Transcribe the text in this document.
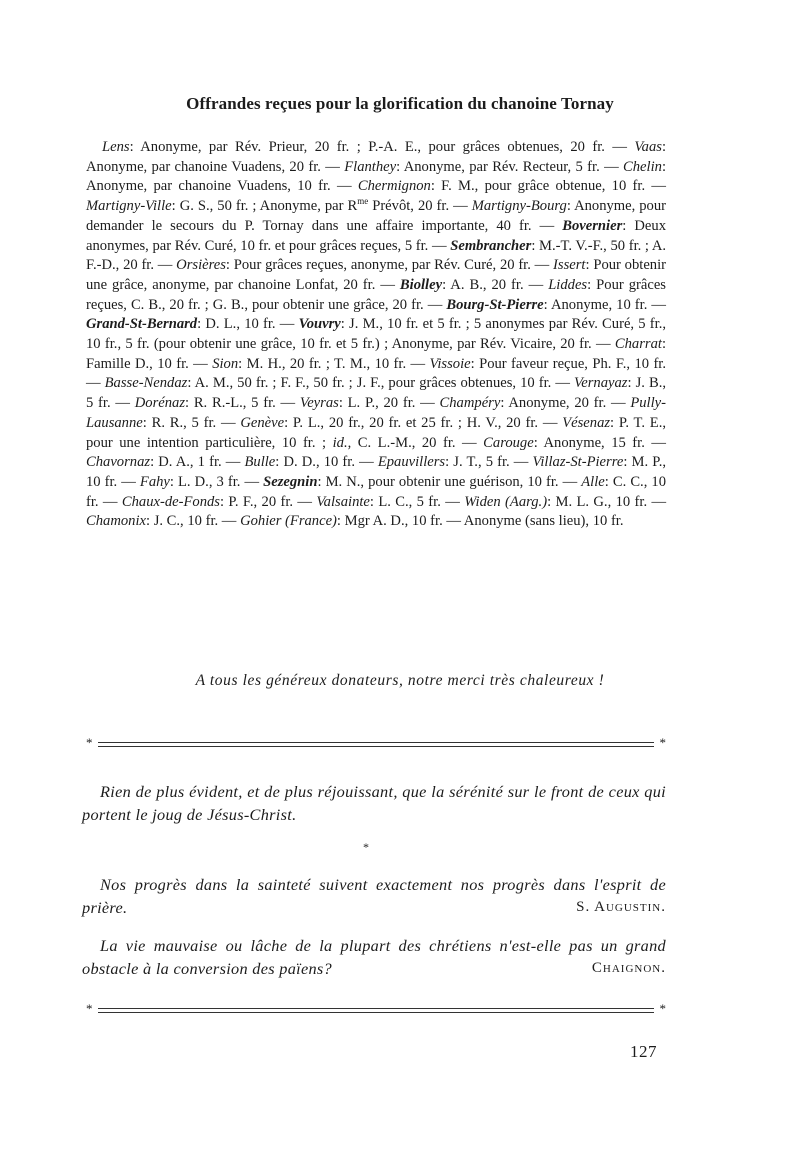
Offrandes reçues pour la glorification du chanoine Tornay
Lens: Anonyme, par Rév. Prieur, 20 fr. ; P.-A. E., pour grâces obtenues, 20 fr. — Vaas: Anonyme, par chanoine Vuadens, 20 fr. — Flanthey: Anonyme, par Rév. Recteur, 5 fr. — Chelin: Anonyme, par chanoine Vuadens, 10 fr. — Chermignon: F. M., pour grâce obtenue, 10 fr. — Martigny-Ville: G. S., 50 fr. ; Anonyme, par $R^{me}$ Prévôt, 20 fr. — Martigny-Bourg: Anonyme, pour demander le secours du P. Tornay dans une affaire importante, 40 fr. — Bovernier: Deux anonymes, par Rév. Curé, 10 fr. et pour grâces reçues, 5 fr. — Sembrancher: M.-T. V.-F., 50 fr. ; A. F.-D., 20 fr. — Orsières: Pour grâces reçues, anonyme, par Rév. Curé, 20 fr. — Issert: Pour obtenir une grâce, anonyme, par chanoine Lonfat, 20 fr. — Biolley: A. B., 20 fr. — Liddes: Pour grâces reçues, C. B., 20 fr. ; G. B., pour obtenir une grâce, 20 fr. — Bourg-St-Pierre: Anonyme, 10 fr. — Grand-St-Bernard: D. L., 10 fr. — Vouvry: J. M., 10 fr. et 5 fr. ; 5 anonymes par Rév. Curé, 5 fr., 10 fr., 5 fr. (pour obtenir une grâce, 10 fr. et 5 fr.) ; Anonyme, par Rév. Vicaire, 20 fr. — Charrat: Famille D., 10 fr. — Sion: M. H., 20 fr. ; T. M., 10 fr. — Vissoie: Pour faveur reçue, Ph. F., 10 fr. — Basse-Nendaz: A. M., 50 fr. ; F. F., 50 fr. ; J. F., pour grâces obtenues, 10 fr. — Vernayaz: J. B., 5 fr. — Dorénaz: R. R.-L., 5 fr. — Veyras: L. P., 20 fr. — Champéry: Anonyme, 20 fr. — Pully-Lausanne: R. R., 5 fr. — Genève: P. L., 20 fr., 20 fr. et 25 fr. ; H. V., 20 fr. — Vésenaz: P. T. E., pour une intention particulière, 10 fr. ; id., C. L.-M., 20 fr. — Carouge: Anonyme, 15 fr. — Chavornaz: D. A., 1 fr. — Bulle: D. D., 10 fr. — Epauvillers: J. T., 5 fr. — Villaz-St-Pierre: M. P., 10 fr. — Fahy: L. D., 3 fr. — Sezegnin: M. N., pour obtenir une guérison, 10 fr. — Alle: C. C., 10 fr. — Chaux-de-Fonds: P. F., 20 fr. — Valsainte: L. C., 5 fr. — Widen (Aarg.): M. L. G., 10 fr. — Chamonix: J. C., 10 fr. — Gohier (France): Mgr A. D., 10 fr. — Anonyme (sans lieu), 10 fr.
A tous les généreux donateurs, notre merci très chaleureux !
*	*
Rien de plus évident, et de plus réjouissant, que la sérénité sur le front de ceux qui portent le joug de Jésus-Christ.
*
Nos progrès dans la sainteté suivent exactement nos progrès dans l'esprit de prière.	S. Augustin.
La vie mauvaise ou lâche de la plupart des chrétiens n'est-elle pas un grand obstacle à la conversion des païens?	Chaignon.
*	*
127
